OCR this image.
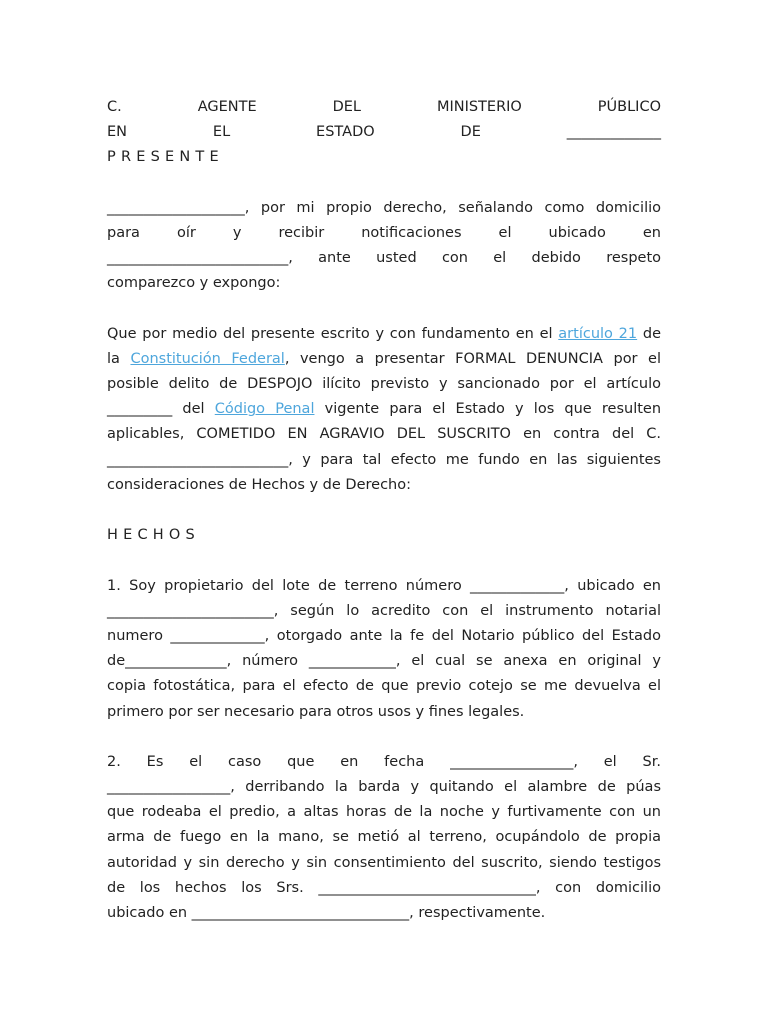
C.	AGENTE	DEL	MINISTERIO	PÚBLICO
EN	EL	ESTADO	DE	_____________
PRESENTE
___________________, por mi propio derecho, señalando como domicilio
para oír y recibir notificaciones el ubicado en
_________________________, ante usted con el debido respeto
comparezco y expongo:
Que por medio del presente escrito y con fundamento en el artículo 21 de
la Constitución Federal, vengo a presentar FORMAL DENUNCIA por el
posible delito de DESPOJO ilícito previsto y sancionado por el artículo
_________ del Código Penal vigente para el Estado y los que resulten
aplicables, COMETIDO EN AGRAVIO DEL SUSCRITO en contra del C.
_________________________, y para tal efecto me fundo en las siguientes
consideraciones de Hechos y de Derecho:
HECHOS
1. Soy propietario del lote de terreno número _____________, ubicado en
_______________________, según lo acredito con el instrumento notarial
numero _____________, otorgado ante la fe del Notario público del Estado
de______________, número ____________, el cual se anexa en original y
copia fotostática, para el efecto de que previo cotejo se me devuelva el
primero por ser necesario para otros usos y fines legales.
2. Es el caso que en fecha _________________, el Sr.
_________________, derribando la barda y quitando el alambre de púas
que rodeaba el predio, a altas horas de la noche y furtivamente con un
arma de fuego en la mano, se metió al terreno, ocupándolo de propia
autoridad y sin derecho y sin consentimiento del suscrito, siendo testigos
de los hechos los Srs. ______________________________, con domicilio
ubicado en ______________________________, respectivamente.
